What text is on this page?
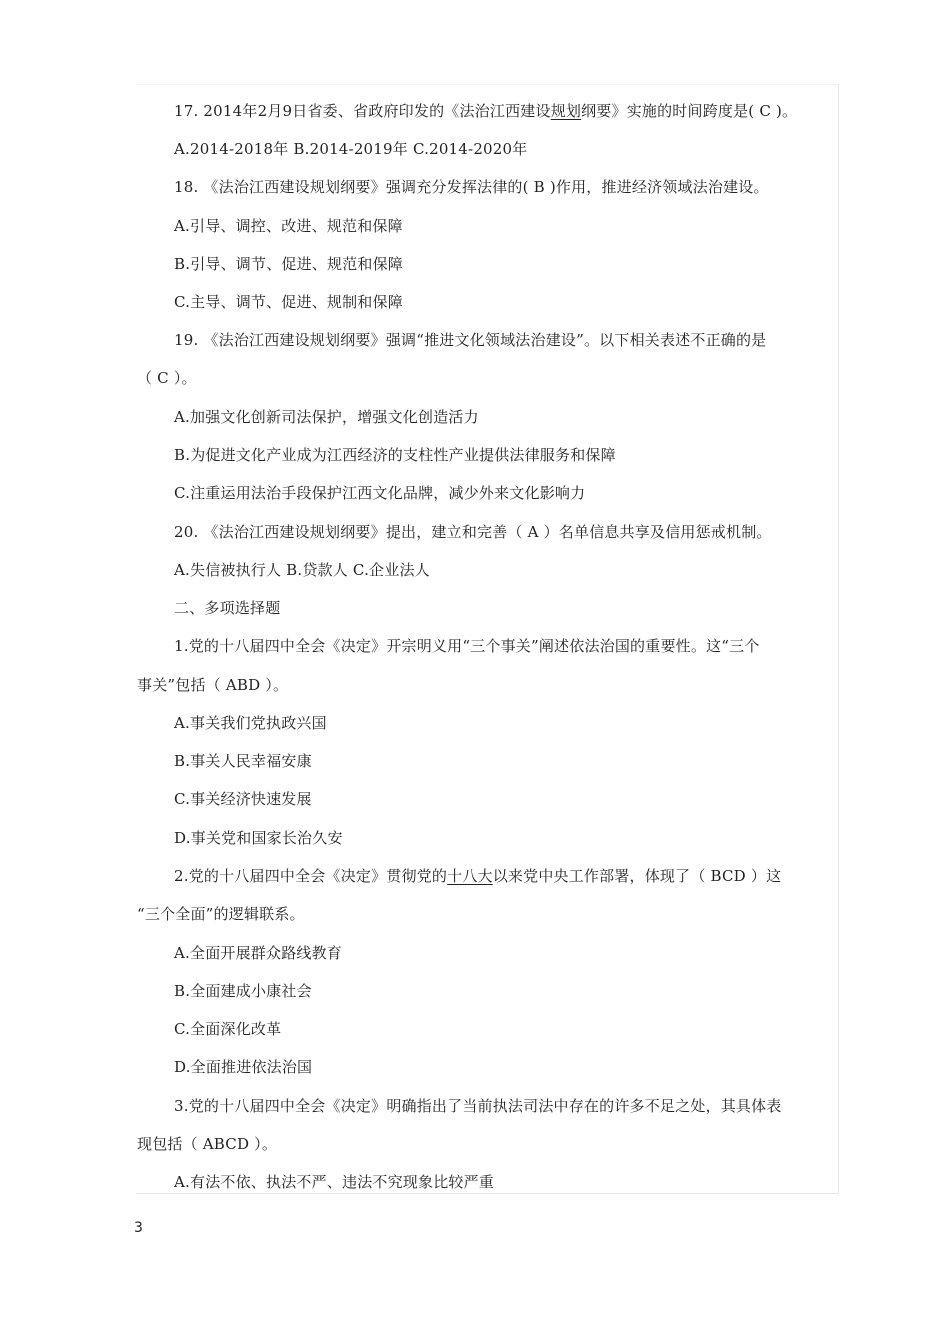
17. 2014年2月9日省委、省政府印发的《法治江西建设规划纲要》实施的时间跨度是( C )。
A.2014-2018年 B.2014-2019年 C.2014-2020年
18. 《法治江西建设规划纲要》强调充分发挥法律的( B )作用，推进经济领域法治建设。
A.引导、调控、改进、规范和保障
B.引导、调节、促进、规范和保障
C.主导、调节、促进、规制和保障
19. 《法治江西建设规划纲要》强调“推进文化领域法治建设”。以下相关表述不正确的是
（ C ）。
A.加强文化创新司法保护，增强文化创造活力
B.为促进文化产业成为江西经济的支柱性产业提供法律服务和保障
C.注重运用法治手段保护江西文化品牌，减少外来文化影响力
20. 《法治江西建设规划纲要》提出，建立和完善（ A ）名单信息共享及信用惩戒机制。
A.失信被执行人 B.贷款人 C.企业法人
二、多项选择题
1.党的十八届四中全会《决定》开宗明义用“三个事关”阐述依法治国的重要性。这“三个
事关”包括（ ABD ）。
A.事关我们党执政兴国
B.事关人民幸福安康
C.事关经济快速发展
D.事关党和国家长治久安
2.党的十八届四中全会《决定》贯彻党的十八大以来党中央工作部署，体现了（ BCD ）这
“三个全面”的逻辑联系。
A.全面开展群众路线教育
B.全面建成小康社会
C.全面深化改革
D.全面推进依法治国
3.党的十八届四中全会《决定》明确指出了当前执法司法中存在的许多不足之处，其具体表
现包括（ ABCD ）。
A.有法不依、执法不严、违法不究现象比较严重
3
